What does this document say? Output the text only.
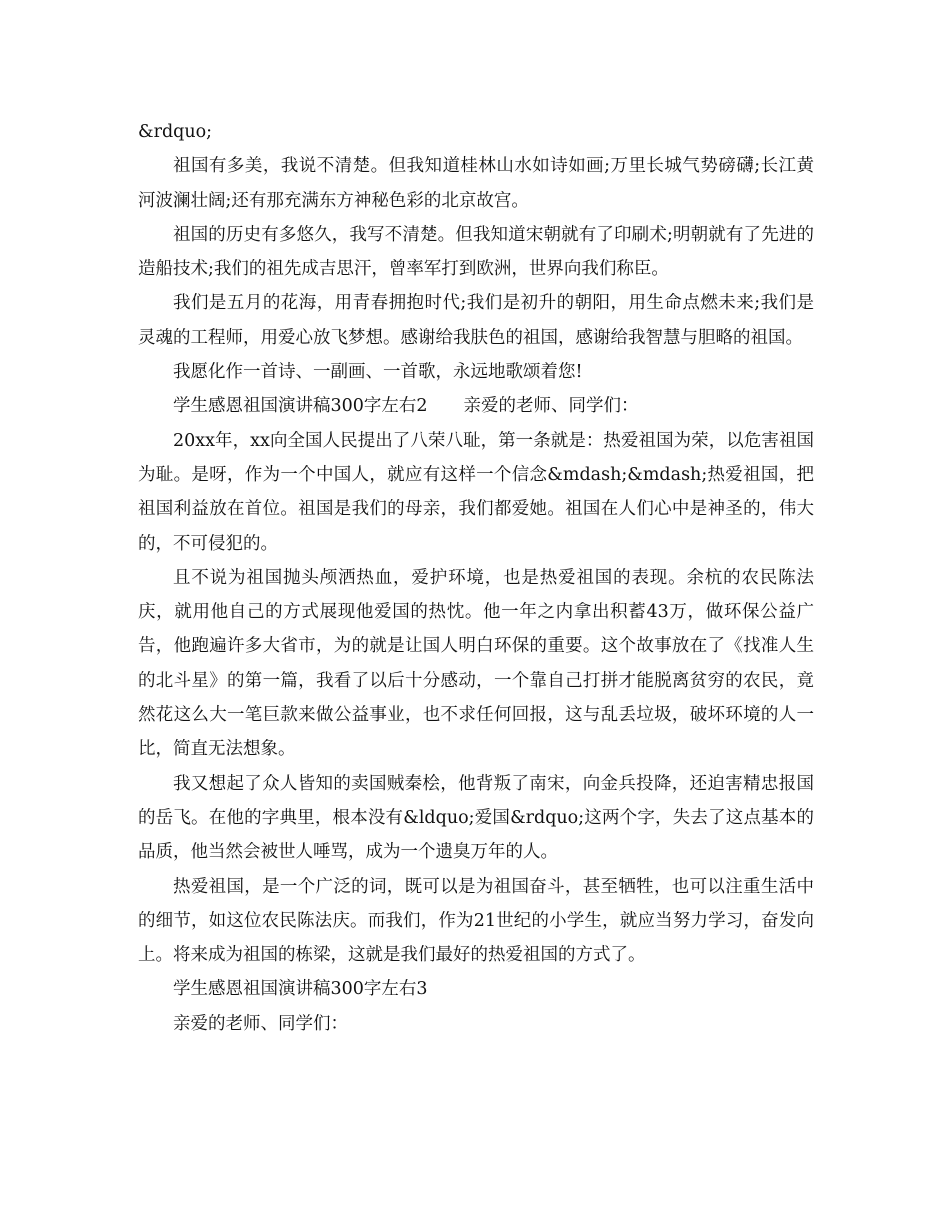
&rdquo;

祖国有多美，我说不清楚。但我知道桂林山水如诗如画;万里长城气势磅礴;长江黄河波澜壮阔;还有那充满东方神秘色彩的北京故宫。

祖国的历史有多悠久，我写不清楚。但我知道宋朝就有了印刷术;明朝就有了先进的造船技术;我们的祖先成吉思汗，曾率军打到欧洲，世界向我们称臣。

我们是五月的花海，用青春拥抱时代;我们是初升的朝阳，用生命点燃未来;我们是灵魂的工程师，用爱心放飞梦想。感谢给我肤色的祖国，感谢给我智慧与胆略的祖国。

我愿化作一首诗、一副画、一首歌，永远地歌颂着您!

学生感恩祖国演讲稿300字左右2 亲爱的老师、同学们：

20xx年，xx向全国人民提出了八荣八耻，第一条就是：热爱祖国为荣，以危害祖国为耻。是呀，作为一个中国人，就应有这样一个信念&mdash;&mdash;热爱祖国，把祖国利益放在首位。祖国是我们的母亲，我们都爱她。祖国在人们心中是神圣的，伟大的，不可侵犯的。

且不说为祖国抛头颅洒热血，爱护环境，也是热爱祖国的表现。余杭的农民陈法庆，就用他自己的方式展现他爱国的热忱。他一年之内拿出积蓄43万，做环保公益广告，他跑遍许多大省市，为的就是让国人明白环保的重要。这个故事放在了《找准人生的北斗星》的第一篇，我看了以后十分感动，一个靠自己打拼才能脱离贫穷的农民，竟然花这么大一笔巨款来做公益事业，也不求任何回报，这与乱丢垃圾，破坏环境的人一比，简直无法想象。

我又想起了众人皆知的卖国贼秦桧，他背叛了南宋，向金兵投降，还迫害精忠报国的岳飞。在他的字典里，根本没有&ldquo;爱国&rdquo;这两个字，失去了这点基本的品质，他当然会被世人唾骂，成为一个遗臭万年的人。

热爱祖国，是一个广泛的词，既可以是为祖国奋斗，甚至牺牲，也可以注重生活中的细节，如这位农民陈法庆。而我们，作为21世纪的小学生，就应当努力学习，奋发向上。将来成为祖国的栋梁，这就是我们最好的热爱祖国的方式了。

学生感恩祖国演讲稿300字左右3

亲爱的老师、同学们：
